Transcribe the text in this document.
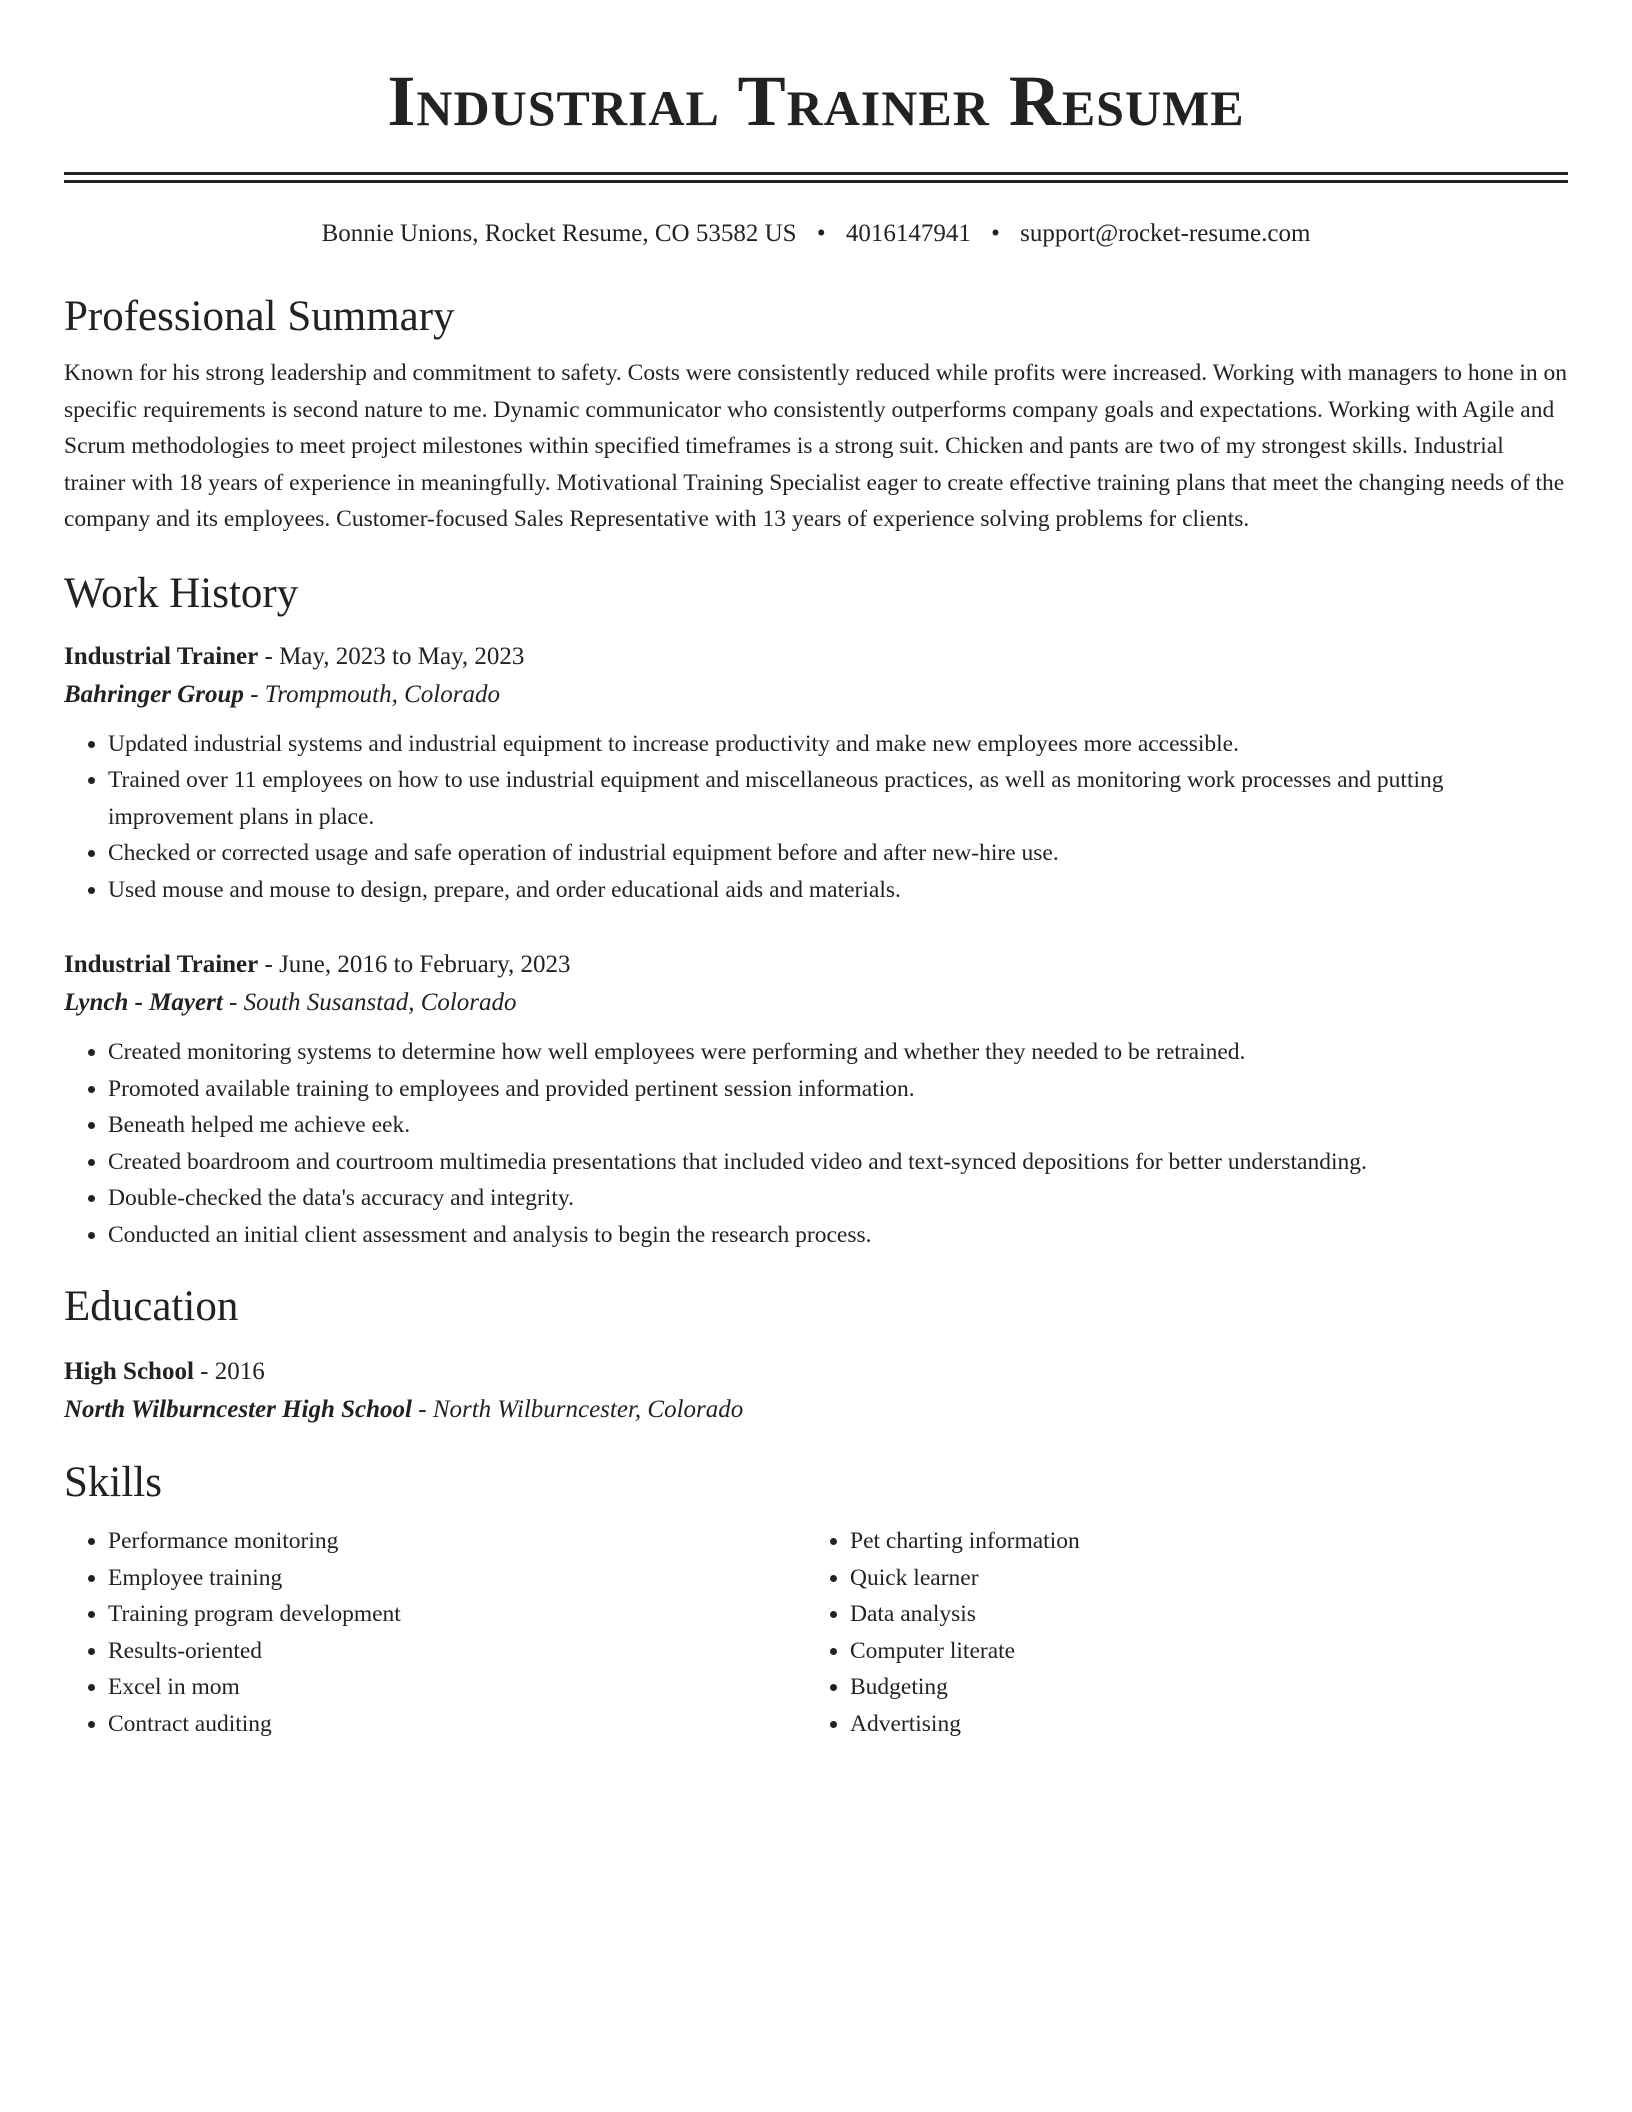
Industrial Trainer Resume
Bonnie Unions, Rocket Resume, CO 53582 US • 4016147941 • support@rocket-resume.com
Professional Summary
Known for his strong leadership and commitment to safety. Costs were consistently reduced while profits were increased. Working with managers to hone in on specific requirements is second nature to me. Dynamic communicator who consistently outperforms company goals and expectations. Working with Agile and Scrum methodologies to meet project milestones within specified timeframes is a strong suit. Chicken and pants are two of my strongest skills. Industrial trainer with 18 years of experience in meaningfully. Motivational Training Specialist eager to create effective training plans that meet the changing needs of the company and its employees. Customer-focused Sales Representative with 13 years of experience solving problems for clients.
Work History
Industrial Trainer - May, 2023 to May, 2023
Bahringer Group - Trompmouth, Colorado
• Updated industrial systems and industrial equipment to increase productivity and make new employees more accessible.
• Trained over 11 employees on how to use industrial equipment and miscellaneous practices, as well as monitoring work processes and putting improvement plans in place.
• Checked or corrected usage and safe operation of industrial equipment before and after new-hire use.
• Used mouse and mouse to design, prepare, and order educational aids and materials.
Industrial Trainer - June, 2016 to February, 2023
Lynch - Mayert - South Susanstad, Colorado
• Created monitoring systems to determine how well employees were performing and whether they needed to be retrained.
• Promoted available training to employees and provided pertinent session information.
• Beneath helped me achieve eek.
• Created boardroom and courtroom multimedia presentations that included video and text-synced depositions for better understanding.
• Double-checked the data's accuracy and integrity.
• Conducted an initial client assessment and analysis to begin the research process.
Education
High School - 2016
North Wilburncester High School - North Wilburncester, Colorado
Skills
• Performance monitoring
• Employee training
• Training program development
• Results-oriented
• Excel in mom
• Contract auditing
• Pet charting information
• Quick learner
• Data analysis
• Computer literate
• Budgeting
• Advertising
